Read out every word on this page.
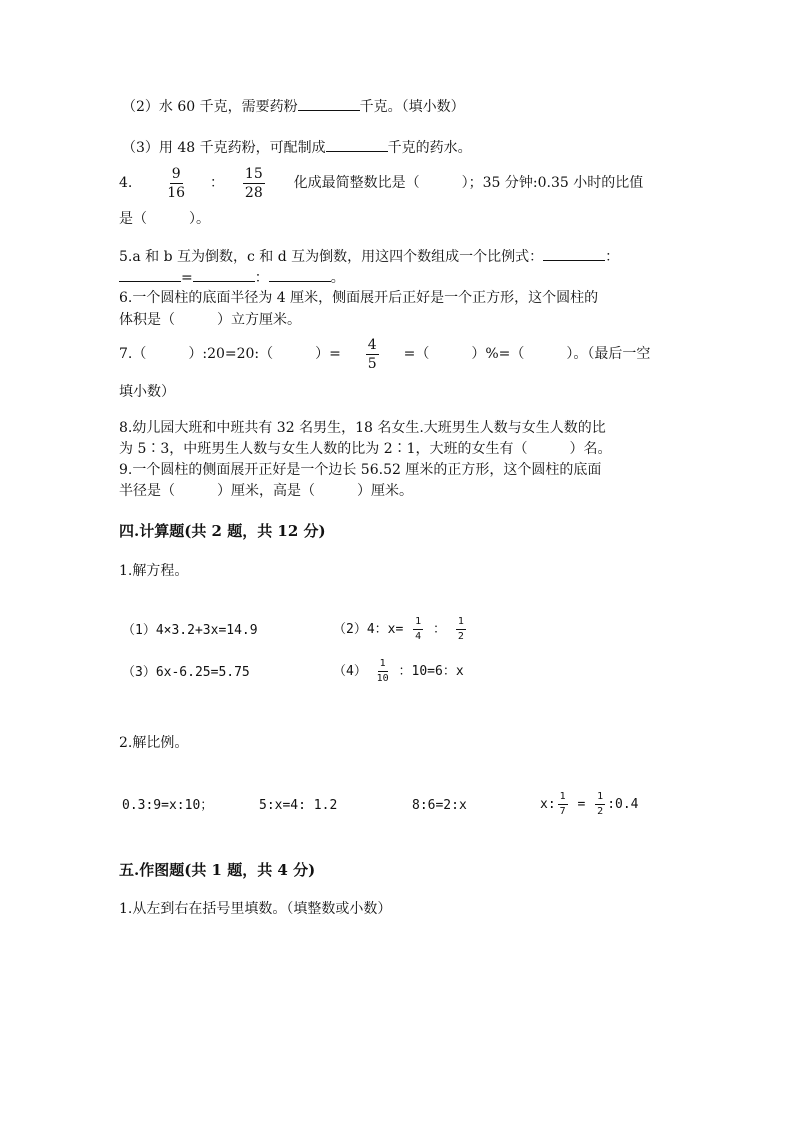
（2）水 60 千克，需要药粉	千克。（填小数）
（3）用 48 千克药粉，可配制成	千克的药水。
4. $\frac{9}{16}$ ： $\frac{15}{28}$ 化成最简整数比是（　　　）；35 分钟:0.35 小时的比值
是（　　　）。
5.a 和 b 互为倒数，c 和 d 互为倒数，用这四个数组成一个比例式：	：
=	：	。
6.一个圆柱的底面半径为 4 厘米，侧面展开后正好是一个正方形，这个圆柱的
体积是（　　　）立方厘米。
7.（　　　）:20=20:（　　　）= $\frac{4}{5}$ =（　　　）%=（　　　）。（最后一空
填小数）
8.幼儿园大班和中班共有 32 名男生，18 名女生.大班男生人数与女生人数的比
为 5∶3，中班男生人数与女生人数的比为 2∶1，大班的女生有（　　　）名。
9.一个圆柱的侧面展开正好是一个边长 56.52 厘米的正方形，这个圆柱的底面
半径是（　　　）厘米，高是（　　　）厘米。
四.计算题(共 2 题，共 12 分)
1.解方程。
（1）4×3.2+3x=14.9	（2）4：$x= \frac{1}{4}$ ： $\frac{1}{2}$
（3）6x-6.25=5.75	$(4) \frac{1}{10}$ ：10=6：x
2.解比例。
0.3:9=x:10；	5:x=4: 1.2	8:6=2:x	x: $\frac{1}{7} = \frac{1}{2}$ :0.4
五.作图题(共 1 题，共 4 分)
1.从左到右在括号里填数。（填整数或小数）
